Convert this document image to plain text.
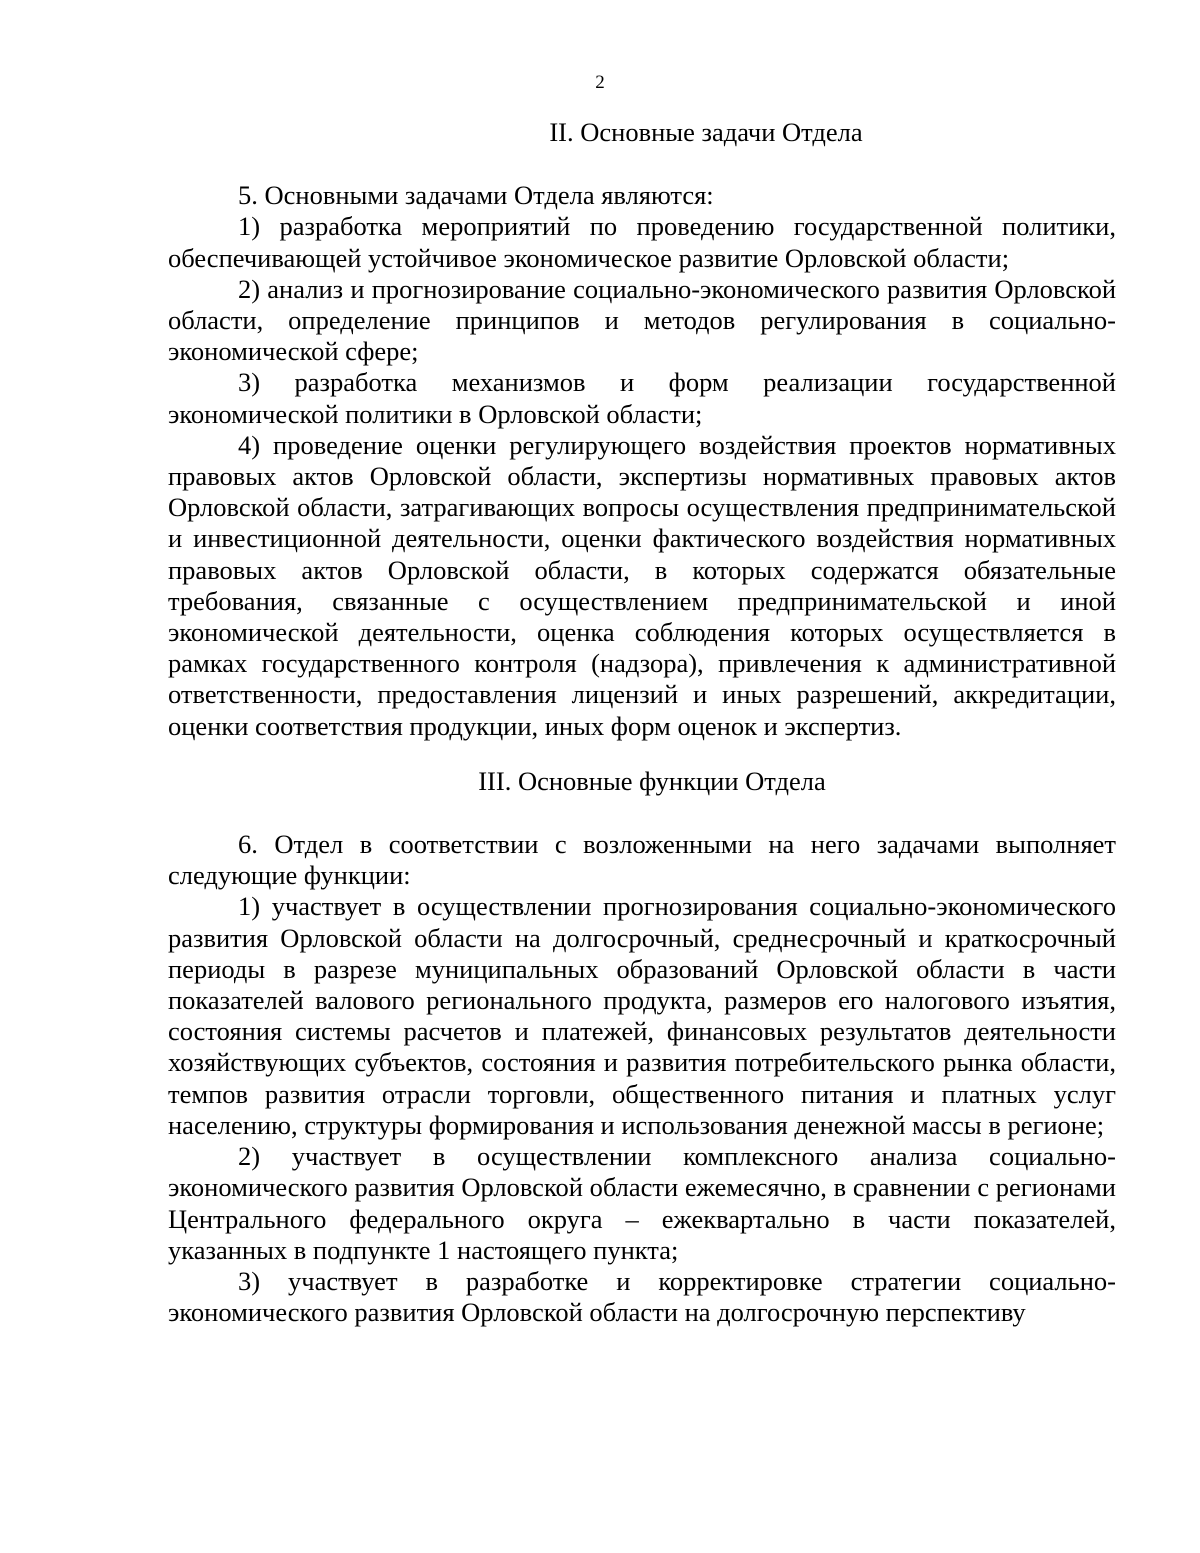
2
II. Основные задачи Отдела

5. Основными задачами Отдела являются:

1) разработка мероприятий по проведению государственной политики, обеспечивающей устойчивое экономическое развитие Орловской области;

2) анализ и прогнозирование социально-экономического развития Орловской области, определение принципов и методов регулирования в социально-экономической сфере;

3) разработка механизмов и форм реализации государственной экономической политики в Орловской области;

4) проведение оценки регулирующего воздействия проектов нормативных правовых актов Орловской области, экспертизы нормативных правовых актов Орловской области, затрагивающих вопросы осуществления предпринимательской и инвестиционной деятельности, оценки фактического воздействия нормативных правовых актов Орловской области, в которых содержатся обязательные требования, связанные с осуществлением предпринимательской и иной экономической деятельности, оценка соблюдения которых осуществляется в рамках государственного контроля (надзора), привлечения к административной ответственности, предоставления лицензий и иных разрешений, аккредитации, оценки соответствия продукции, иных форм оценок и экспертиз.

III. Основные функции Отдела

6. Отдел в соответствии с возложенными на него задачами выполняет следующие функции:

1) участвует в осуществлении прогнозирования социально-экономического развития Орловской области на долгосрочный, среднесрочный и краткосрочный периоды в разрезе муниципальных образований Орловской области в части показателей валового регионального продукта, размеров его налогового изъятия, состояния системы расчетов и платежей, финансовых результатов деятельности хозяйствующих субъектов, состояния и развития потребительского рынка области, темпов развития отрасли торговли, общественного питания и платных услуг населению, структуры формирования и использования денежной массы в регионе;

2) участвует в осуществлении комплексного анализа социально-экономического развития Орловской области ежемесячно, в сравнении с регионами Центрального федерального округа – ежеквартально в части показателей, указанных в подпункте 1 настоящего пункта;

3) участвует в разработке и корректировке стратегии социально-экономического развития Орловской области на долгосрочную перспективу
